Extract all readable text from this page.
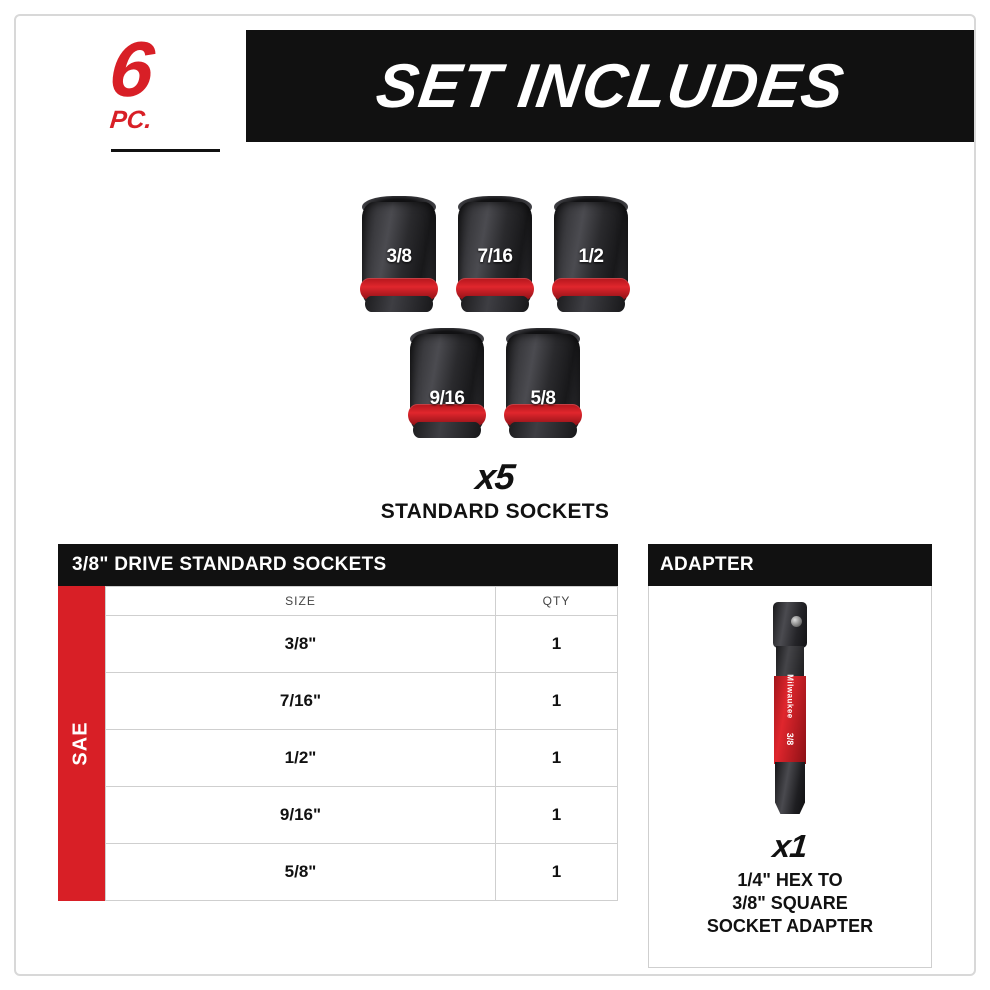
6
PC.	SET INCLUDES
3/8	7/16	1/2
9/16	5/8
x5
STANDARD SOCKETS
3/8" DRIVE STANDARD SOCKETS
SAE
SIZE	QTY
3/8"	1
7/16"	1
1/2"	1
9/16"	1
5/8"	1
ADAPTER
Milwaukee
3/8
x1
1/4" HEX TO
3/8" SQUARE
SOCKET ADAPTER
